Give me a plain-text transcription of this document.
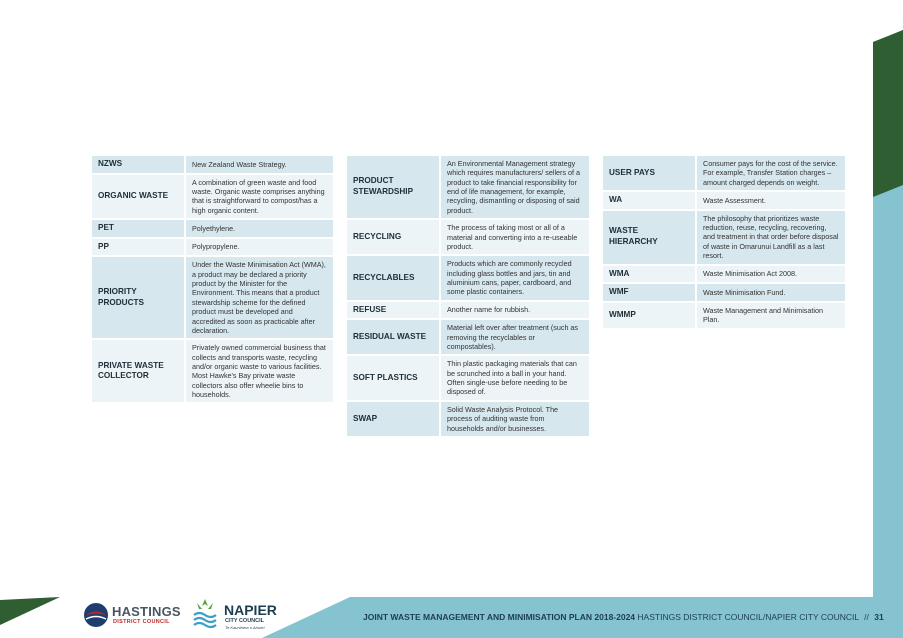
NZWS	New Zealand Waste Strategy.
ORGANIC WASTE	A combination of green waste and food waste. Organic waste comprises anything that is straightforward to compost/has a high organic content.
PET	Polyethylene.
PP	Polypropylene.
PRIORITY PRODUCTS	Under the Waste Minimisation Act (WMA), a product may be declared a priority product by the Minister for the Environment. This means that a product stewardship scheme for the defined product must be developed and accredited as soon as practicable after declaration.
PRIVATE WASTE COLLECTOR	Privately owned commercial business that collects and transports waste, recycling and/or organic waste to various facilities. Most Hawke's Bay private waste collectors also offer wheelie bins to households.
PRODUCT STEWARDSHIP	An Environmental Management strategy which requires manufacturers/ sellers of a product to take financial responsibility for end of life management, for example, recycling, dismantling or disposing of said product.
RECYCLING	The process of taking most or all of a material and converting into a re-useable product.
RECYCLABLES	Products which are commonly recycled including glass bottles and jars, tin and aluminium cans, paper, cardboard, and some plastic containers.
REFUSE	Another name for rubbish.
RESIDUAL WASTE	Material left over after treatment (such as removing the recyclables or compostables).
SOFT PLASTICS	Thin plastic packaging materials that can be scrunched into a ball in your hand. Often single-use before needing to be disposed of.
SWAP	Solid Waste Analysis Protocol. The process of auditing waste from households and/or businesses.
USER PAYS	Consumer pays for the cost of the service. For example, Transfer Station charges – amount charged depends on weight.
WA	Waste Assessment.
WASTE HIERARCHY	The philosophy that prioritizes waste reduction, reuse, recycling, recovering, and treatment in that order before disposal of waste in Omarunui Landfill as a last resort.
WMA	Waste Minimisation Act 2008.
WMF	Waste Minimisation Fund.
WMMP	Waste Management and Minimisation Plan.
HASTINGS
DISTRICT COUNCIL
NAPIER
CITY COUNCIL
Te Kaunihera o Ahuriri
JOINT WASTE MANAGEMENT AND MINIMISATION PLAN 2018-2024 HASTINGS DISTRICT COUNCIL/NAPIER CITY COUNCIL // 31
